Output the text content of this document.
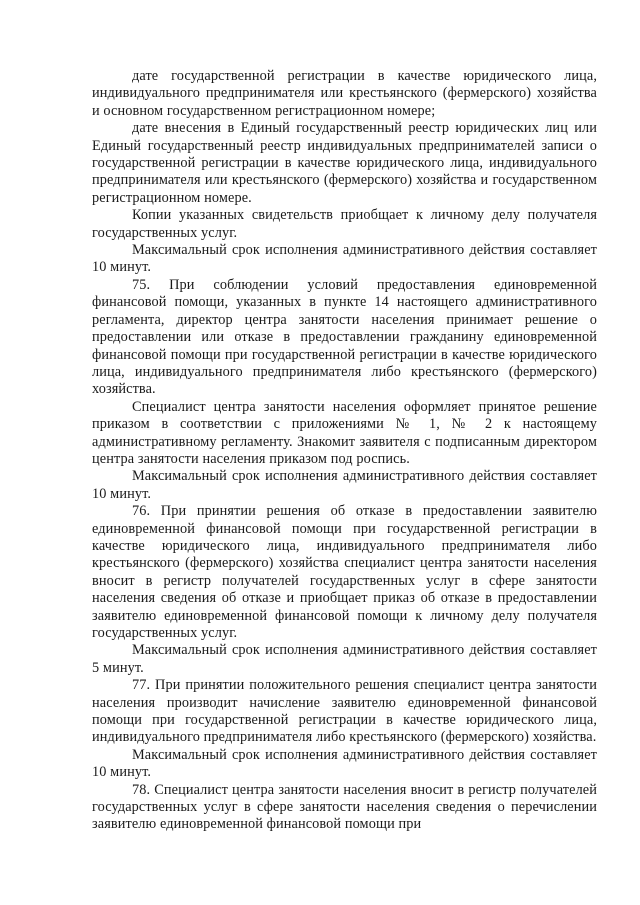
дате государственной регистрации в качестве юридического лица, индивидуального предпринимателя или крестьянского (фермерского) хозяйства и основном государственном регистрационном номере;

дате внесения в Единый государственный реестр юридических лиц или Единый государственный реестр индивидуальных предпринимателей записи о государственной регистрации в качестве юридического лица, индивидуального предпринимателя или крестьянского (фермерского) хозяйства и государственном регистрационном номере.

Копии указанных свидетельств приобщает к личному делу получателя государственных услуг.

Максимальный срок исполнения административного действия составляет 10 минут.

75. При соблюдении условий предоставления единовременной финансовой помощи, указанных в пункте 14 настоящего административного регламента, директор центра занятости населения принимает решение о предоставлении или отказе в предоставлении гражданину единовременной финансовой помощи при государственной регистрации в качестве юридического лица, индивидуального предпринимателя либо крестьянского (фермерского) хозяйства.

Специалист центра занятости населения оформляет принятое решение приказом в соответствии с приложениями № 1, № 2 к настоящему административному регламенту. Знакомит заявителя с подписанным директором центра занятости населения приказом под роспись.

Максимальный срок исполнения административного действия составляет 10 минут.

76. При принятии решения об отказе в предоставлении заявителю единовременной финансовой помощи при государственной регистрации в качестве юридического лица, индивидуального предпринимателя либо крестьянского (фермерского) хозяйства специалист центра занятости населения вносит в регистр получателей государственных услуг в сфере занятости населения сведения об отказе и приобщает приказ об отказе в предоставлении заявителю единовременной финансовой помощи к личному делу получателя государственных услуг.

Максимальный срок исполнения административного действия составляет 5 минут.

77. При принятии положительного решения специалист центра занятости населения производит начисление заявителю единовременной финансовой помощи при государственной регистрации в качестве юридического лица, индивидуального предпринимателя либо крестьянского (фермерского) хозяйства.

Максимальный срок исполнения административного действия составляет 10 минут.

78. Специалист центра занятости населения вносит в регистр получателей государственных услуг в сфере занятости населения сведения о перечислении заявителю единовременной финансовой помощи при
